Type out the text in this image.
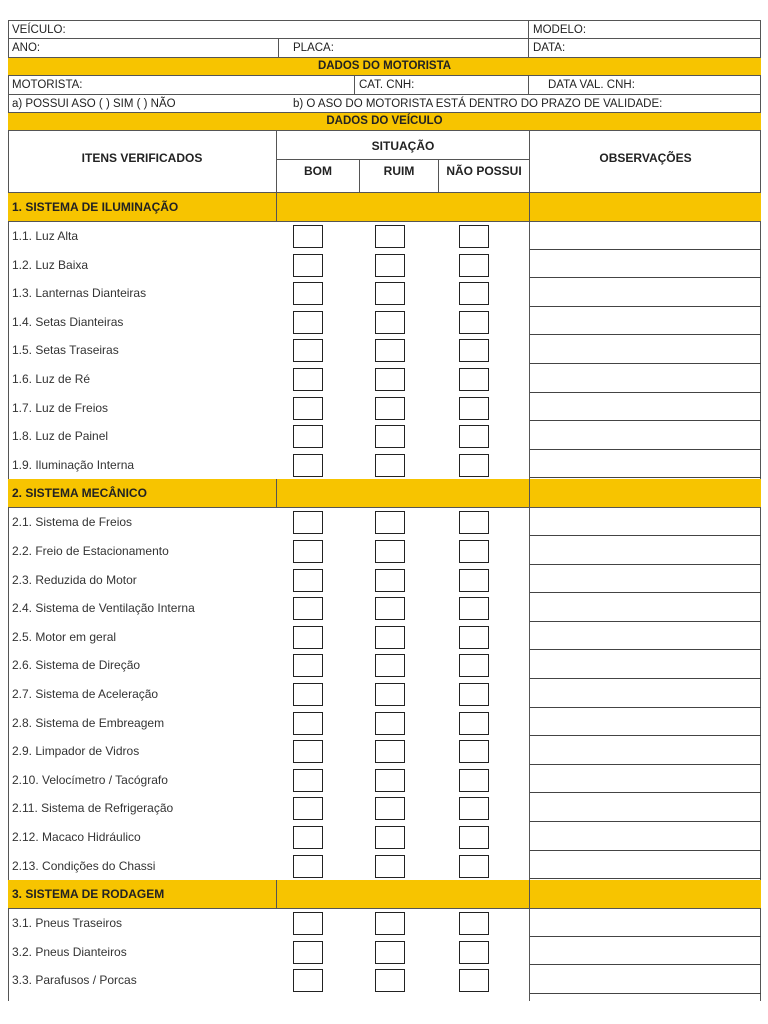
VEÍCULO:	MODELO:
ANO:	PLACA:	DATA:
DADOS DO MOTORISTA
MOTORISTA:	CAT. CNH:	DATA VAL. CNH:
a) POSSUI ASO ( ) SIM ( ) NÃO	b) O ASO DO MOTORISTA ESTÁ DENTRO DO PRAZO DE VALIDADE:
DADOS DO VEÍCULO
ITENS VERIFICADOS
SITUAÇÃO
BOM	RUIM	NÃO POSSUI
OBSERVAÇÕES
1. SISTEMA DE ILUMINAÇÃO
1.1. Luz Alta
1.2. Luz Baixa
1.3. Lanternas Dianteiras
1.4. Setas Dianteiras
1.5. Setas Traseiras
1.6. Luz de Ré
1.7. Luz de Freios
1.8. Luz de Painel
1.9. Iluminação Interna
2. SISTEMA MECÂNICO
2.1. Sistema de Freios
2.2. Freio de Estacionamento
2.3. Reduzida do Motor
2.4. Sistema de Ventilação Interna
2.5. Motor em geral
2.6. Sistema de Direção
2.7. Sistema de Aceleração
2.8. Sistema de Embreagem
2.9. Limpador de Vidros
2.10. Velocímetro / Tacógrafo
2.11. Sistema de Refrigeração
2.12. Macaco Hidráulico
2.13. Condições do Chassi
3. SISTEMA DE RODAGEM
3.1. Pneus Traseiros
3.2. Pneus Dianteiros
3.3. Parafusos / Porcas
